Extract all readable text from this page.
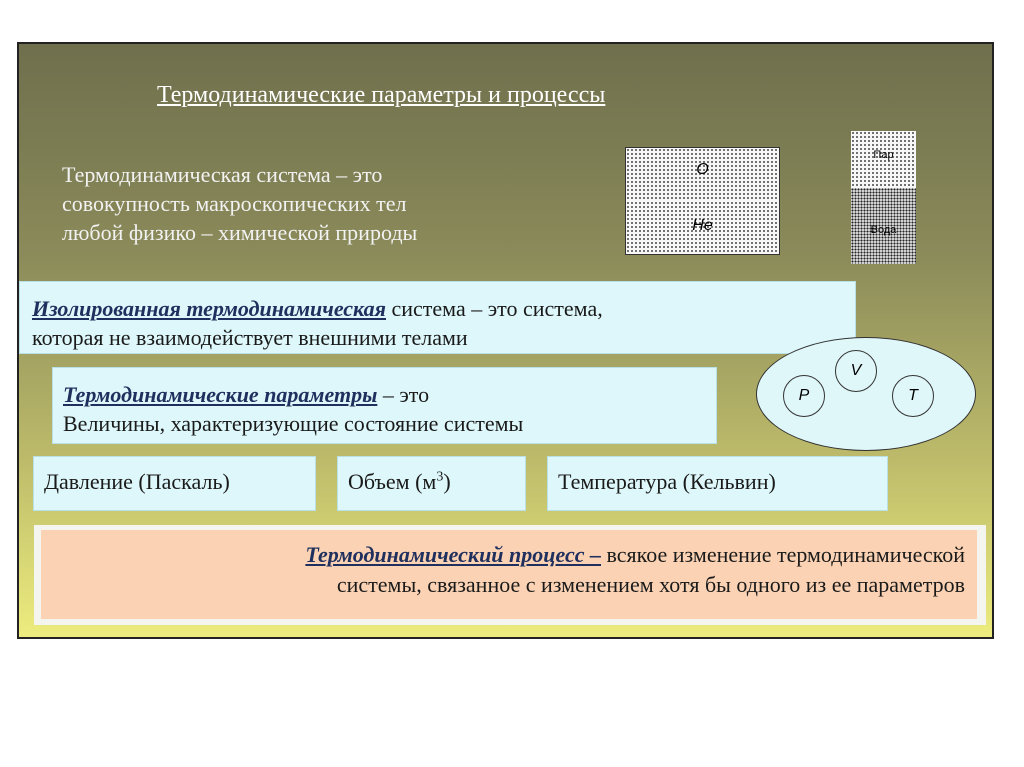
Термодинамические параметры и процессы
Термодинамическая система – это
совокупность макроскопических тел
любой физико – химической природы
O
He
Пар
Вода
Изолированная термодинамическая система – это система,
которая не взаимодействует внешними телами
Термодинамические параметры – это
Величины, характеризующие состояние системы
V
P	T
Давление (Паскаль)	Объем $(м^3)$	Температура (Кельвин)
Термодинамический процесс – всякое изменение термодинамической
системы, связанное с изменением хотя бы одного из ее параметров
